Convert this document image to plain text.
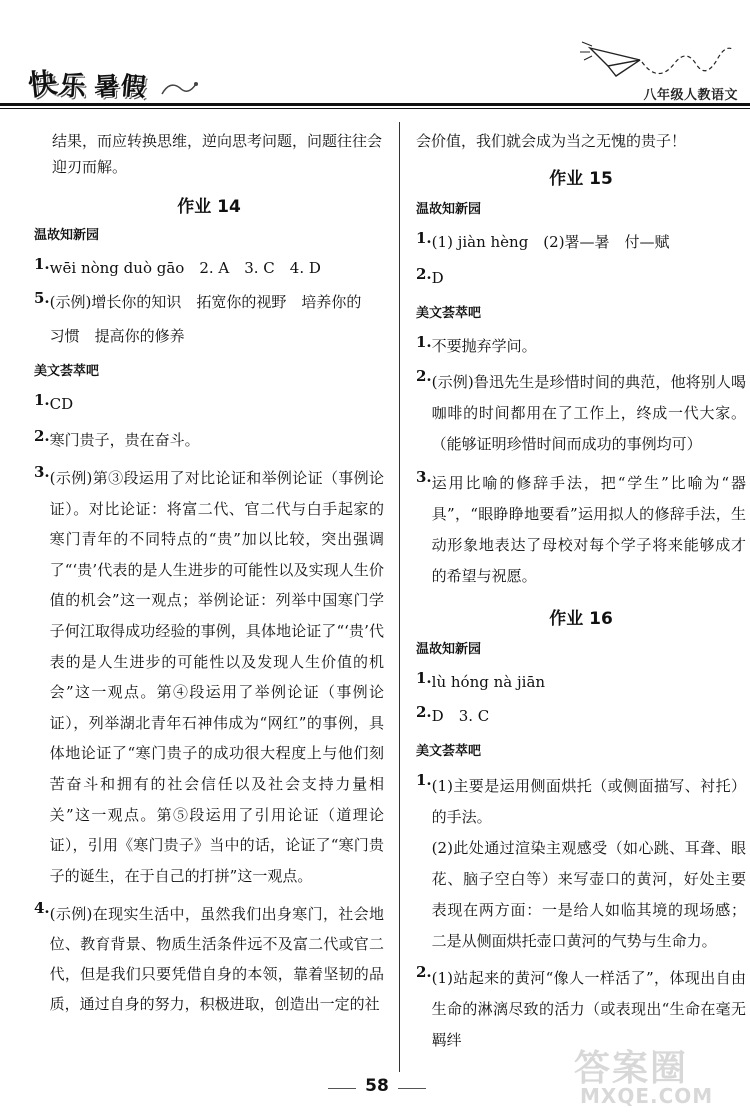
快
乐 暑 假	八年级人教语文

结果，而应转换思维，逆向思考问题，问题往往会

迎刃而解。

作业 14

温故知新园

1. wēi nòng duò gāo　2. A　3. C　4. D
5. (示例)增长你的知识　拓宽你的视野　培养你的
习惯　提高你的修养

美文荟萃吧

1. CD
2. 寒门贵子，贵在奋斗。
3. (示例)第③段运用了对比论证和举例论证（事例论证）。对比论证：将富二代、官二代与白手起家的寒门青年的不同特点的“贵”加以比较，突出强调了“‘贵’代表的是人生进步的可能性以及实现人生价值的机会”这一观点；举例论证：列举中国寒门学子何江取得成功经验的事例，具体地论证了“‘贵’代表的是人生进步的可能性以及发现人生价值的机会”这一观点。第④段运用了举例论证（事例论证），列举湖北青年石神伟成为“网红”的事例，具体地论证了“寒门贵子的成功很大程度上与他们刻苦奋斗和拥有的社会信任以及社会支持力量相关”这一观点。第⑤段运用了引用论证（道理论证），引用《寒门贵子》当中的话，论证了“寒门贵子的诞生，在于自己的打拼”这一观点。
4. (示例)在现实生活中，虽然我们出身寒门，社会地位、教育背景、物质生活条件远不及富二代或官二代，但是我们只要凭借自身的本领，靠着坚韧的品质，通过自身的努力，积极进取，创造出一定的社

会价值，我们就会成为当之无愧的贵子！

作业 15

温故知新园

1. (1) jiàn hèng　(2)署—暑　付—赋
2. D

美文荟萃吧

1. 不要抛弃学问。
2. (示例)鲁迅先生是珍惜时间的典范，他将别人喝咖啡的时间都用在了工作上，终成一代大家。（能够证明珍惜时间而成功的事例均可）
3. 运用比喻的修辞手法，把“学生”比喻为“器具”，“眼睁睁地要看”运用拟人的修辞手法，生动形象地表达了母校对每个学子将来能够成才的希望与祝愿。

作业 16

温故知新园

1. lù hóng nà jiān
2. D　3. C

美文荟萃吧

1. (1)主要是运用侧面烘托（或侧面描写、衬托）的手法。
(2)此处通过渲染主观感受（如心跳、耳聋、眼花、脑子空白等）来写壶口的黄河，好处主要表现在两方面：一是给人如临其境的现场感；二是从侧面烘托壶口黄河的气势与生命力。
2. (1)站起来的黄河“像人一样活了”，体现出自由生命的淋漓尽致的活力（或表现出“生命在毫无羁绊
58	答案圈
MXQE.COM
